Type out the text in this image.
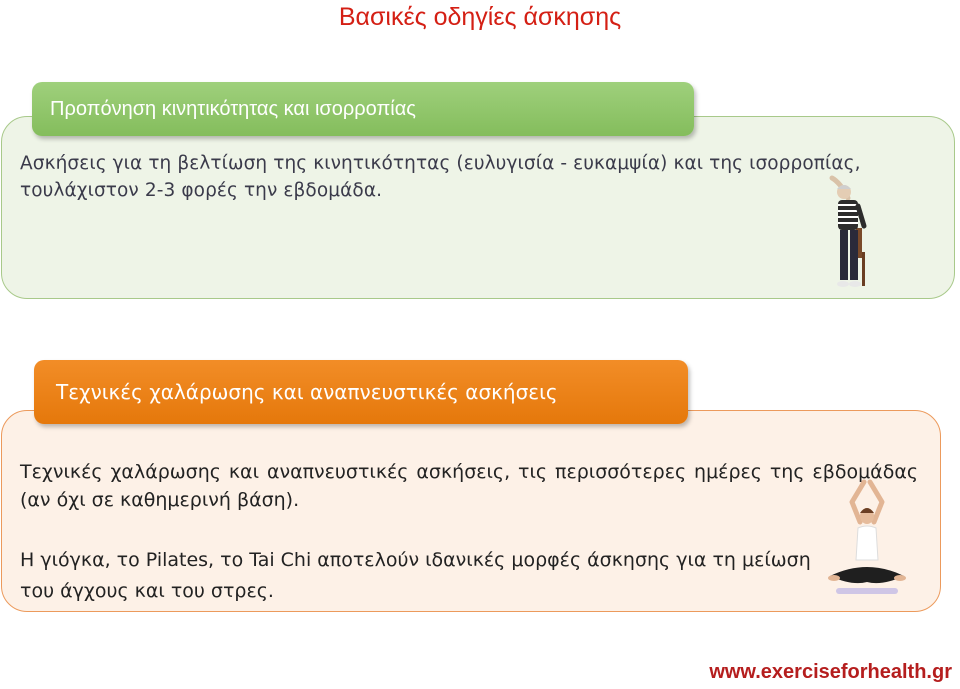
Βασικές οδηγίες άσκησης
Προπόνηση κινητικότητας και ισορροπίας
Ασκήσεις για τη βελτίωση της κινητικότητας (ευλυγισία - ευκαμψία) και της ισορροπίας, τουλάχιστον 2-3 φορές την εβδομάδα.
Τεχνικές χαλάρωσης και αναπνευστικές ασκήσεις
Τεχνικές χαλάρωσης και αναπνευστικές ασκήσεις, τις περισσότερες ημέρες της εβδομάδας (αν όχι σε καθημερινή βάση).
Η γιόγκα, το Pilates, το Tai Chi αποτελούν ιδανικές μορφές άσκησης για τη μείωση του άγχους και του στρες.
www.exerciseforhealth.gr
